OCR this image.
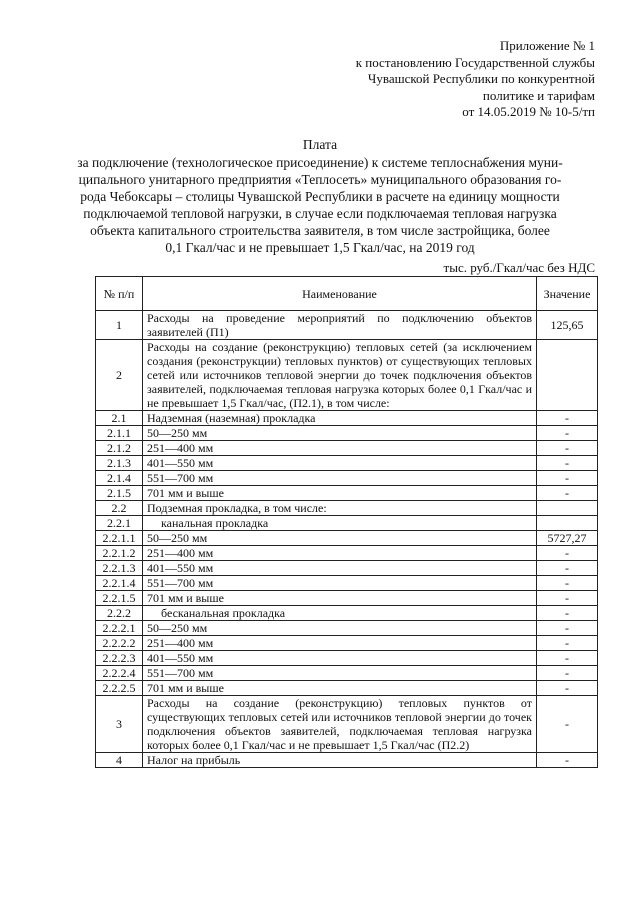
Приложение № 1
к постановлению Государственной службы
Чувашской Республики по конкурентной
политике и тарифам
от 14.05.2019 № 10-5/тп
Плата
за подключение (технологическое присоединение) к системе теплоснабжения муни-
ципального унитарного предприятия «Теплосеть» муниципального образования го-
рода Чебоксары – столицы Чувашской Республики в расчете на единицу мощности
подключаемой тепловой нагрузки, в случае если подключаемая тепловая нагрузка
объекта капитального строительства заявителя, в том числе застройщика, более
0,1 Гкал/час и не превышает 1,5 Гкал/час, на 2019 год
тыс. руб./Гкал/час без НДС
№ п/п	Наименование	Значение
1	Расходы на проведение мероприятий по подключению объектов заявителей (П1)	125,65
2	Расходы на создание (реконструкцию) тепловых сетей (за исключением создания (реконструкции) тепловых пунктов) от существующих тепловых сетей или источников тепловой энергии до точек подключения объектов заявителей, подключаемая тепловая нагрузка которых более 0,1 Гкал/час и не превышает 1,5 Гкал/час, (П2.1), в том числе:	
2.1	Надземная (наземная) прокладка	-
2.1.1	50—250 мм	-
2.1.2	251—400 мм	-
2.1.3	401—550 мм	-
2.1.4	551—700 мм	-
2.1.5	701 мм и выше	-
2.2	Подземная прокладка, в том числе:	
2.2.1	канальная прокладка	
2.2.1.1	50—250 мм	5727,27
2.2.1.2	251—400 мм	-
2.2.1.3	401—550 мм	-
2.2.1.4	551—700 мм	-
2.2.1.5	701 мм и выше	-
2.2.2	бесканальная прокладка	-
2.2.2.1	50—250 мм	-
2.2.2.2	251—400 мм	-
2.2.2.3	401—550 мм	-
2.2.2.4	551—700 мм	-
2.2.2.5	701 мм и выше	-
3	Расходы на создание (реконструкцию) тепловых пунктов от существующих тепловых сетей или источников тепловой энергии до точек подключения объектов заявителей, подключаемая тепловая нагрузка которых более 0,1 Гкал/час и не превышает 1,5 Гкал/час (П2.2)	-
4	Налог на прибыль	-
